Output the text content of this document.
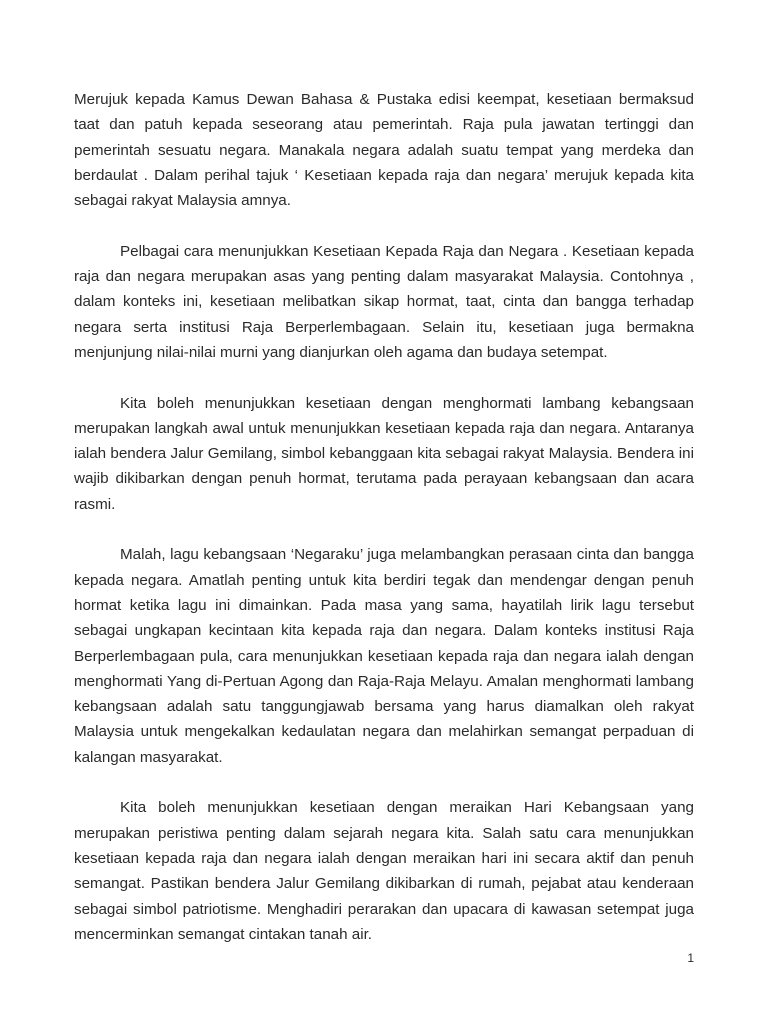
Merujuk kepada Kamus Dewan Bahasa & Pustaka edisi keempat, kesetiaan bermaksud taat dan patuh kepada seseorang atau pemerintah. Raja pula jawatan tertinggi dan pemerintah sesuatu negara. Manakala negara adalah suatu tempat yang merdeka dan berdaulat . Dalam perihal tajuk ‘ Kesetiaan kepada raja dan negara’ merujuk kepada kita sebagai rakyat Malaysia amnya.

Pelbagai cara menunjukkan Kesetiaan Kepada Raja dan Negara . Kesetiaan kepada raja dan negara merupakan asas yang penting dalam masyarakat Malaysia. Contohnya , dalam konteks ini, kesetiaan melibatkan sikap hormat, taat, cinta dan bangga terhadap negara serta institusi Raja Berperlembagaan. Selain itu, kesetiaan juga bermakna menjunjung nilai-nilai murni yang dianjurkan oleh agama dan budaya setempat.

Kita boleh menunjukkan kesetiaan dengan menghormati lambang kebangsaan merupakan langkah awal untuk menunjukkan kesetiaan kepada raja dan negara. Antaranya ialah bendera Jalur Gemilang, simbol kebanggaan kita sebagai rakyat Malaysia. Bendera ini wajib dikibarkan dengan penuh hormat, terutama pada perayaan kebangsaan dan acara rasmi.

Malah, lagu kebangsaan ‘Negaraku’ juga melambangkan perasaan cinta dan bangga kepada negara. Amatlah penting untuk kita berdiri tegak dan mendengar dengan penuh hormat ketika lagu ini dimainkan. Pada masa yang sama, hayatilah lirik lagu tersebut sebagai ungkapan kecintaan kita kepada raja dan negara. Dalam konteks institusi Raja Berperlembagaan pula, cara menunjukkan kesetiaan kepada raja dan negara ialah dengan menghormati Yang di-Pertuan Agong dan Raja-Raja Melayu. Amalan menghormati lambang kebangsaan adalah satu tanggungjawab bersama yang harus diamalkan oleh rakyat Malaysia untuk mengekalkan kedaulatan negara dan melahirkan semangat perpaduan di kalangan masyarakat.

Kita boleh menunjukkan kesetiaan dengan meraikan Hari Kebangsaan yang merupakan peristiwa penting dalam sejarah negara kita. Salah satu cara menunjukkan kesetiaan kepada raja dan negara ialah dengan meraikan hari ini secara aktif dan penuh semangat. Pastikan bendera Jalur Gemilang dikibarkan di rumah, pejabat atau kenderaan sebagai simbol patriotisme. Menghadiri perarakan dan upacara di kawasan setempat juga mencerminkan semangat cintakan tanah air.

1
